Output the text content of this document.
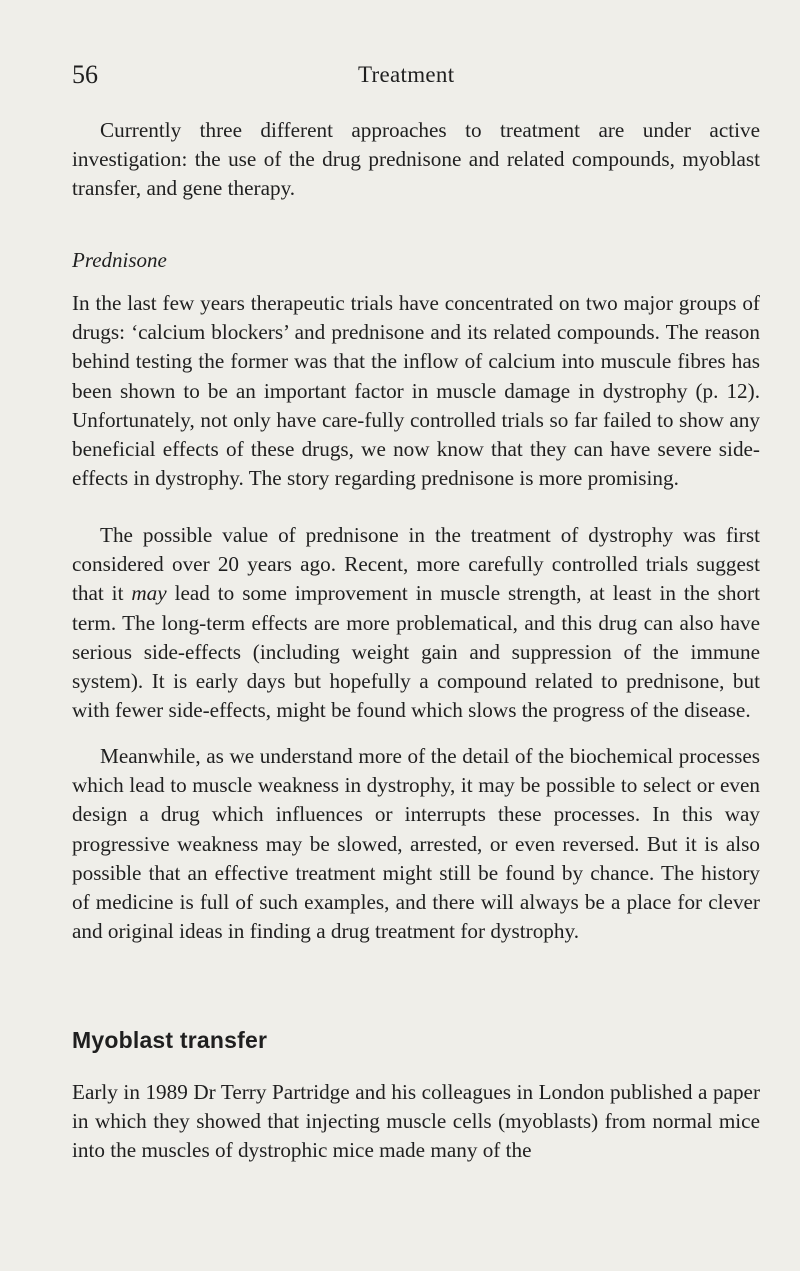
56	Treatment

Currently three different approaches to treatment are under active investigation: the use of the drug prednisone and related compounds, myoblast transfer, and gene therapy.

Prednisone

In the last few years therapeutic trials have concentrated on two major groups of drugs: ‘calcium blockers’ and prednisone and its related compounds. The reason behind testing the former was that the inflow of calcium into muscule fibres has been shown to be an important factor in muscle damage in dystrophy (p. 12). Unfortunately, not only have care-fully controlled trials so far failed to show any beneficial effects of these drugs, we now know that they can have severe side-effects in dystrophy. The story regarding prednisone is more promising.

The possible value of prednisone in the treatment of dystrophy was first considered over 20 years ago. Recent, more carefully controlled trials suggest that it may lead to some improvement in muscle strength, at least in the short term. The long-term effects are more problematical, and this drug can also have serious side-effects (including weight gain and suppression of the immune system). It is early days but hopefully a compound related to prednisone, but with fewer side-effects, might be found which slows the progress of the disease.

Meanwhile, as we understand more of the detail of the biochemical processes which lead to muscle weakness in dystrophy, it may be possible to select or even design a drug which influences or interrupts these processes. In this way progressive weakness may be slowed, arrested, or even reversed. But it is also possible that an effective treatment might still be found by chance. The history of medicine is full of such examples, and there will always be a place for clever and original ideas in finding a drug treatment for dystrophy.

Myoblast transfer

Early in 1989 Dr Terry Partridge and his colleagues in London published a paper in which they showed that injecting muscle cells (myoblasts) from normal mice into the muscles of dystrophic mice made many of the
